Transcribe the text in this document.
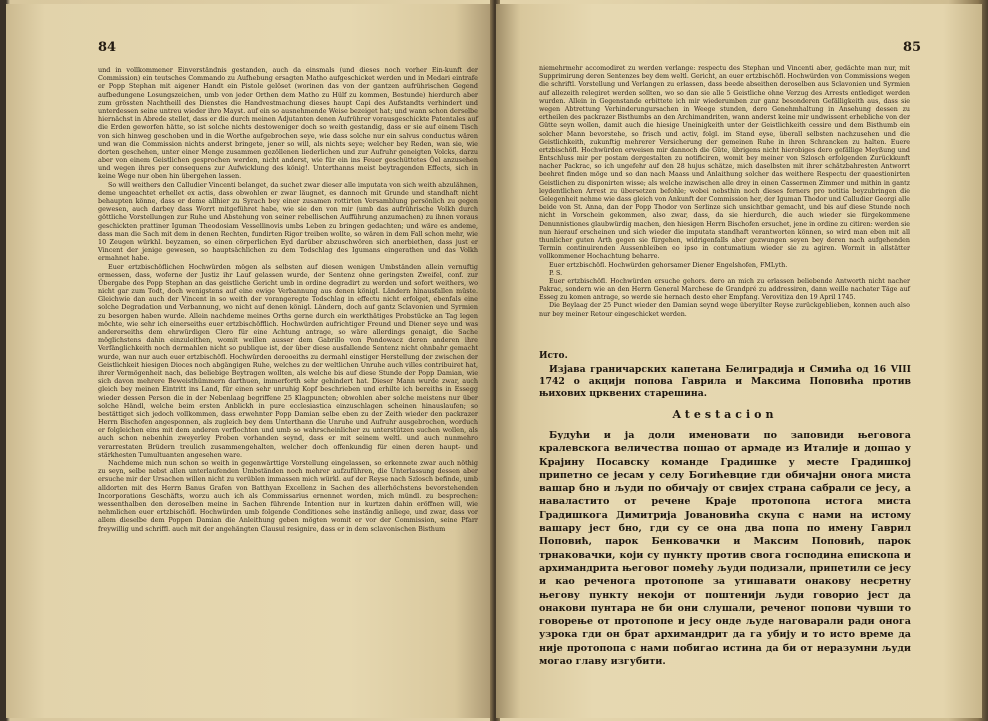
84

und in vollkommener Einverständnis gestanden, auch da einsmals (und dieses noch vorher Ein-kunft der Commission) ein teutsches Commando zu Aufhebung ersagten Matho aufgeschicket werden und in Medari eintrafe er Popp Stephan mit aigener Handt ein Pistole gelöset (worinen das von der gantzen aufrührischen Gegend aufbedungene Losungszeichen, umb von jeder Orthen dem Matho zu Hülf zu kommen, Bestunde) hierdurch aber zum grössten Nachtheill des Dienstes die Handvestmachung dieses haupt Capi des Aufstandts verhindert und unterdessen seine untreu wieder ihro Mayst. auf ein so ausnehmende Weise bezeiget hat; und wann schon derselbe hiernächst in Abrede stellet, dass er die durch meinen Adjutanten denen Aufrührer vorausgeschickte Patentales auf die Erden geworfen hätte, so ist solche nichts destoweniger doch so weith gestandig, dass er sie auf einem Tisch von sich hinweg geschoben und in die Worthe aufgebrochen seye, wie dass solche nur ein salvus conductus wären und wan die Commission nichts anderst bringete, jener so will, als nichts seye; welcher bey Reden, wan sie, wie dorten geschehen, unter einer Menge zusammen gezöllenen liederlichen und zur Aufruhr geneigten Volcks, darzu aber von einem Geistlichen gesprochen werden, nicht anderst, wie für ein ins Feuer geschüttetes Öel anzusehen und wegen ihres per consequens zur Aufwicklung des könig!. Unterthanns meist beytragenden Effects, sich in keine Wege nur oben hin übergehen lassen.

So will weithers den Calludier Vincenti belanget, da suchet zwar dieser alle imputata von sich weith abzulähnen, deme ungeachtet erhellet ex actis, dass obwohlen er zwar läugnet, es dannoch mit Grunde und standhaft nicht behaupten könne, dass er deme allhier zu Syrach bey einer zusamen rottirten Versamblung persönlich zu gegen gewesen, auch darbey dass Worrt mitgeführet habe, wie sie den von mir (umb das aufrührische Volkh durch göttliche Vorstellungen zur Ruhe und Abstehung von seiner rebellischen Aufführung anzumachen) zu ihnen voraus geschickten prattiner Iguman Theodosiam Vessellinovis umbs Leben zu bringen gedachten; und wäre es andeme, dass man die Sach mit dem in denen Rechten, fundirten Rigor treiben wollte, so wären in dem Fall schon mehr, wie 10 Zeugen würkhl. beyzamen, so einen cörperlichen Eyd darüber abzuschwören sich anerbiethen, dass just er Vincent der jenige gewesen, so hauptsächlichen zu dem Todschlag des Igumans eingerathen und das Volkh ermahnet habe.

Euer ertzbischöflichen Hochwürden mögen als selbsten auf diesen wenigen Umbständen allein vernuftig ermessen, dass, woferne der Justiz ihr Lauf gelassen wurde, der Sentenz ohne geringsten Zweifel, conf. zur Übergabe des Popp Stephan an das geistliche Gericht umb in ordine degradirt zu werden und sofort weithers, wo nicht gar zum Todt, doch wenigstens auf eine ewige Verbannung aus denen königl. Ländern hinausfallen müste. Gleichwie dan auch der Vincent in so weith der vorangeregte Todschlag in effectu nicht erfolget, ebenfals eine solche Degradation und Verbannung, wo nicht auf denen königl. Ländern, doch auf gantz Sclavonien und Syrmien zu besorgen haben wurde. Allein nachdeme meines Orths gerne durch ein werkthätiges Probstücke an Tag legen möchte, wie sehr ich einerseiths euer ertzbischöfflich. Hochwürden aufrichtiger Freund und Diener seye und was andererseiths dem ehrwürdigen Clero für eine Achtung antrage, so wäre allerdings genaigt, die Sache möglichstens dahin einzuleithen, womit weillen ausser dem Gabrillo von Pondowacz deren anderen ihre Verfänglichkeith noch dermahlen nicht so publique ist, der über diese ausfallende Sentenz nicht ohnbahr gemacht wurde, wan nur auch euer ertzbischöfl. Hochwürden derooeiths zu dermahl einstiger Herstellung der zwischen der Geistlichkeit hiesigen Dioces noch abgängigen Ruhe, welches zu der weltlichen Unruhe auch villes contribuiret hat, ihrer Vermögenheit nach, das beliebige Beytragen wollten, als welche bis auf diese Stunde der Popp Damian, wie sich davon mehrere Beweisthümmern darthuen, immerforth sehr gehindert hat. Dieser Mann wurde zwar, auch gleich bey meinen Eintritt ins Land, für einen sehr unruhig Kopf beschrieben und erhilte ich bereiths in Essegg wieder dessen Person die in der Nebenlaag begriffene 25 Klagpuncten; obwohlen aber solche meistens nur über solche Händl, welche beim ersten Anblickh in pure ecclesiastica einzuschlagen scheinen hinauslaufen; so bestättiget sich jedoch vollkommen, dass erwehnter Popp Damian selbe eben zu der Zeith wieder den packrazer Herrn Bischofen angesponnen, als zugleich bey dem Unterthann die Unruhe und Aufruhr ausgebrochen, worduch er folgleichen eins mit dem anderen verflochten und umb so wahrscheinlicher zu unterstützen suchen wollen, als auch schon nebenhin zweyerley Proben vorhanden seynd, dass er mit seinem weltl. und auch nunmehro verarrestaten Brüdern treulich zusammengehalten, welcher doch offenkundig für einen deren haupt- und stärkhesten Tumultuanten angesehen ware.

Nachdeme mich nun schon so weith in gegenwärttige Vorstellung eingelassen, so erkennete zwar auch nöthig zu seyn, selbe nebst allen unterlaufenden Umbständen noch mehrer aufzuführen, die Unterlassung dessen aber ersuche mir der Ursachen willen nicht zu verüblen immassen mich würkl. auf der Reyse nach Szlosch befinde, umb alldorten mit des Herrn Banus Grafen von Batthyan Excellenz in Sachen des allerhöchstens bevorstehenden Incorporations Geschäfts, worzu auch ich als Commissarius ernennet worden, mich mündl. zu besprechen: wessenthalben den deroselben meine in Sachen führende Intention nur in kurtzen dahin eröffnen will, wie nehmlichen euer ertzbischöfl. Hochwürden umb folgende Conditiones sehe inständig anliege, und zwar, dass vor allem dieselbe dem Poppen Damian die Anleithung geben mögten womit er vor der Commission, seine Pfarr freywillig und schriffl. auch mit der angehängten Clausul resignire, dass er in dem sclavonischen Bisthum

85

niemehrmehr accomodiret zu werden verlange: respectu des Stephan und Vincenti aber, gedächte man nur, mit Supprimirung deren Sentenzes bey dem weltl. Gericht, an euer ertzbischöfl. Hochwürden von Commissions wegen die schriftl. Vorstellung und Verlangen zu erlassen, dass beede abseithen deroselben aus Sclavonien und Syrmien auf allezeith relegiret werden sollten, wo so dan sie alle 5 Geistliche ohne Verzug des Arrests entlediget werden wurden. Allein in Gegenstande erbittete ich mir wiederumben zur ganz besonderen Gefälligkeith aus, dass sie wegen Abtrettung Verhinderungursachen in Weege stunden, dero Genehmhaltung in Ansehung dessen zu ertheilen des packrazer Bisthumbs an den Archimandriten, wann anderst keine mir undwissent erhebliche von der Gütte seyn wollen, damit auch die hiesige Uneinigkeith unter der Geistlichkeith cessire und dem Bisthumb ein solcher Mann bevorstehe, so frisch und activ, folgl. im Stand eyse, überall selbsten nachzusehen und die Geistlichkeith, zukunftig mehrerer Versicherung der gemeinen Ruhe in ihren Schrancken zu halten. Euere ertzbischöfl. Hochwürden erweisen mir dannoch die Güte, übrigens nicht hierobiges dero gefällige Meyßung und Entschluss mir per postam dergestalten zu notificiren, womit bey meiner von Szlosch erfolgenden Zurückkunft nacher Packrac, so ich ungefehr auf den 28 hujus schätze, mich daselbsten mit ihrer schätzbahresten Antworrt beehret finden möge und so dan nach Maass und Anlaithung solcher das weithere Respectu der quaestionirten Geistlichen zu disponirten wisse; als welche inzwischen alle drey in einen Cassermen Zimmer und mithin in gantz leydentlichen Arrest zu übersetzen befohle; wobei nebsthin noch dieses ferners pro notitia beyzubringen die Gelegenheit nehme wie dass gleich von Ankunft der Commission her, der Iguman Thodor und Calludier Georgi alle beide von St. Anna, dan der Popp Thodor von Serlinze sich unsichtbar gemacht, und bis auf diese Stunde noch nicht in Vorschein gekommen, also zwar, dass, da sie hierdurch, die auch wieder sie fürgekommene Denunnistiones glaubwürdig machen, den hiesigen Herrn Bischofen ersuchet, jene in ordine zu citiren: werden sie nun hierauf erscheinen und sich wieder die imputata standhaft verantworten können, so wird man eben mit all thunlicher guten Arth gegen sie fürgehen, widrigenfalls aber gezwungen seyen bey deren nach aufgehenden Termin continuirenden Aussenbleiben eo ipso in contumatium wieder sie zu agiren. Wormit in allstätter vollkommener Hochachtung beharre.

Euer ertzbischöfl. Hochwürden gehorsamer Diener Engelshofen, FMLyth.

P. S.

Euer ertzbischöfl. Hochwürden ersuche gehors. dero an mich zu erlassen beliebende Antworth nicht nacher Pakrac, sondern wie an den Herrn General Marchese de Grandpré zu addressiren, dann weille nachater Täge auf Esseg zu komen antrage, so werde sie hernach desto eher Empfang. Verovitiza den 19 April 1745.

Die Beylaag der 25 Punct wieder den Damian seynd wege überyilter Reyse zurückgeblieben, konnen auch also nur bey meiner Retour eingeschicket werden.

Исто.
Изјава граничарских капетана Белиградија и Симића од 16 VIII 1742 о акцији попова Гаврила и Максима Поповића против њихових црквених старешина.
Atestacion
Будући и ја доли именовати по заповиди његовога кралевскога величества пошао от армаде из Италије и дошао у Крајину Посавску команде Градишке у месте Градишкој припетно се јесам у селу Богићевцие гди обичајни онога миста вашар бно и људи по обичају от свијех страна сабрали се јесу, а наваластито от речене Краје протопопа истога миста Градишкога Димитрија Јовановића скупа с нами на истому вашару јест бно, гди су се она два попа по имену Гаврил Поповић, парок Бенковачки и Максим Поповић, парок трнаковачки, који су пункту против свога господина епископа и архимандрита његовог помећу људи подизали, припетили се јесу и као реченога протопопе за утишавати онакову несретну његову пункту некоји от поштенији људи говорио јест да онакови пунтара не би они слушали, реченог попови чувши то говорење от протопопе и јесу онде људе наговарали ради онога узрока гди он брат архимандрит да га убију и то исто време да није протопопа с нами побигао истина да би от неразумни људи могао главу изгубити.
